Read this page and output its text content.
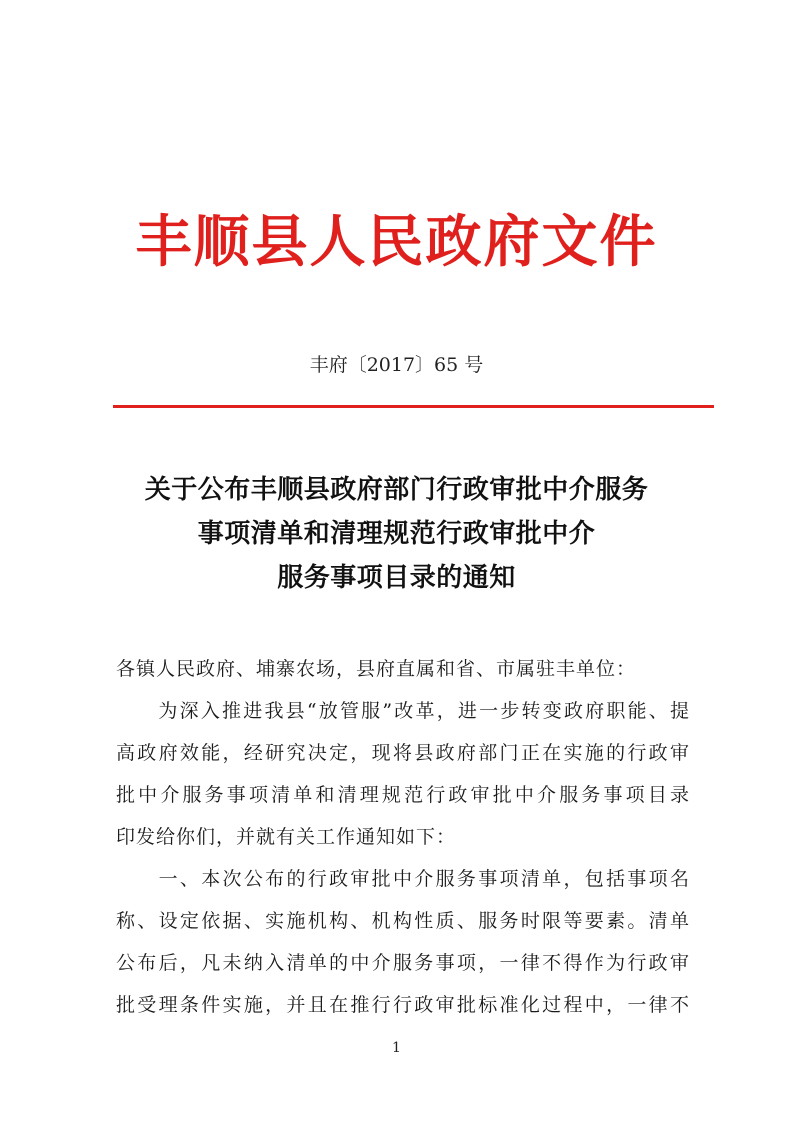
丰顺县人民政府文件
丰府〔2017〕65 号
关于公布丰顺县政府部门行政审批中介服务
事项清单和清理规范行政审批中介
服务事项目录的通知
各镇人民政府、埔寨农场，县府直属和省、市属驻丰单位：
　　为深入推进我县“放管服”改革，进一步转变政府职能、提
高政府效能，经研究决定，现将县政府部门正在实施的行政审
批中介服务事项清单和清理规范行政审批中介服务事项目录
印发给你们，并就有关工作通知如下：
　　一、本次公布的行政审批中介服务事项清单，包括事项名
称、设定依据、实施机构、机构性质、服务时限等要素。清单
公布后，凡未纳入清单的中介服务事项，一律不得作为行政审
批受理条件实施，并且在推行行政审批标准化过程中，一律不
1
